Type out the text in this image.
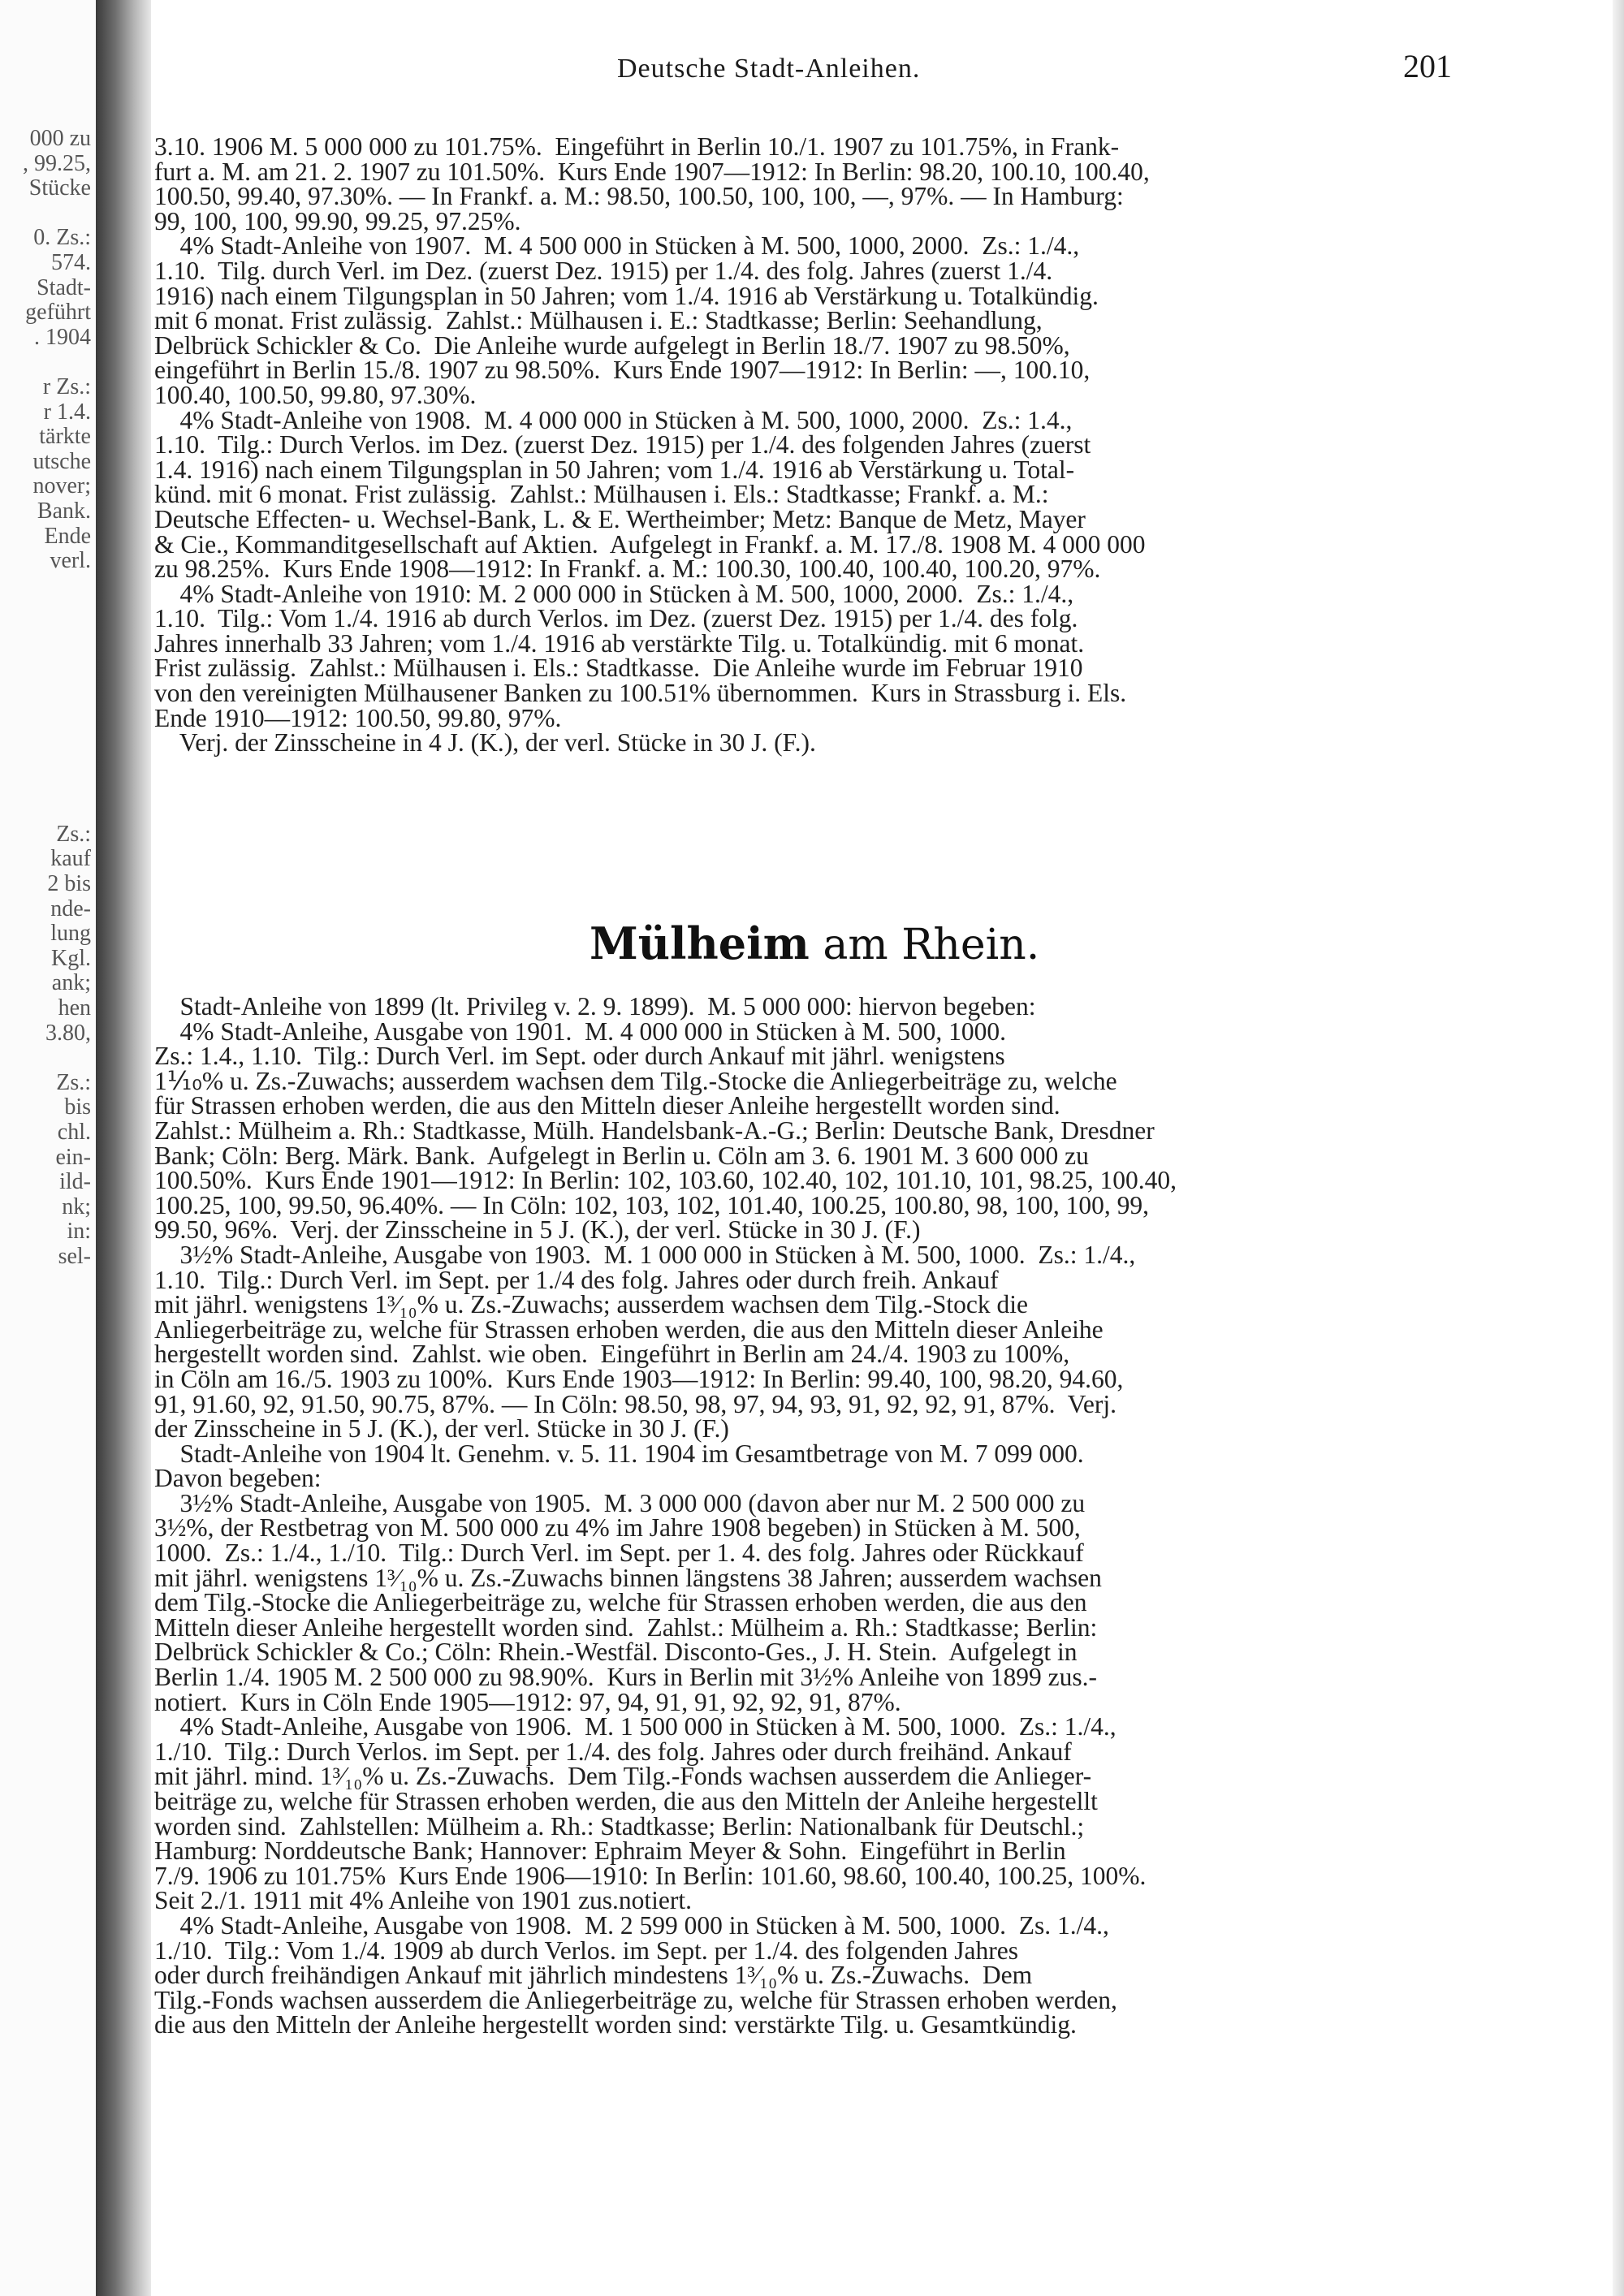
000 zu
, 99.25,
Stücke
0. Zs.:
574.
Stadt-
geführt
. 1904
r Zs.:
r 1.4.
tärkte
utsche
nover;
Bank.
Ende
verl.
Zs.:
kauf
2 bis
nde-
lung
Kgl.
ank;
hen
3.80,
Zs.:
bis
chl.
ein-
ild-
nk;
in:
sel-
Deutsche Stadt-Anleihen.	201
3.10. 1906 M. 5 000 000 zu 101.75%.  Eingeführt in Berlin 10./1. 1907 zu 101.75%, in Frank-
furt a. M. am 21. 2. 1907 zu 101.50%.  Kurs Ende 1907—1912: In Berlin: 98.20, 100.10, 100.40,
100.50, 99.40, 97.30%. — In Frankf. a. M.: 98.50, 100.50, 100, 100, —, 97%. — In Hamburg:
99, 100, 100, 99.90, 99.25, 97.25%.
4% Stadt-Anleihe von 1907.  M. 4 500 000 in Stücken à M. 500, 1000, 2000.  Zs.: 1./4.,
1.10.  Tilg. durch Verl. im Dez. (zuerst Dez. 1915) per 1./4. des folg. Jahres (zuerst 1./4.
1916) nach einem Tilgungsplan in 50 Jahren; vom 1./4. 1916 ab Verstärkung u. Totalkündig.
mit 6 monat. Frist zulässig.  Zahlst.: Mülhausen i. E.: Stadtkasse; Berlin: Seehandlung,
Delbrück Schickler & Co.  Die Anleihe wurde aufgelegt in Berlin 18./7. 1907 zu 98.50%,
eingeführt in Berlin 15./8. 1907 zu 98.50%.  Kurs Ende 1907—1912: In Berlin: —, 100.10,
100.40, 100.50, 99.80, 97.30%.
4% Stadt-Anleihe von 1908.  M. 4 000 000 in Stücken à M. 500, 1000, 2000.  Zs.: 1.4.,
1.10.  Tilg.: Durch Verlos. im Dez. (zuerst Dez. 1915) per 1./4. des folgenden Jahres (zuerst
1.4. 1916) nach einem Tilgungsplan in 50 Jahren; vom 1./4. 1916 ab Verstärkung u. Total-
künd. mit 6 monat. Frist zulässig.  Zahlst.: Mülhausen i. Els.: Stadtkasse; Frankf. a. M.:
Deutsche Effecten- u. Wechsel-Bank, L. & E. Wertheimber; Metz: Banque de Metz, Mayer
& Cie., Kommanditgesellschaft auf Aktien.  Aufgelegt in Frankf. a. M. 17./8. 1908 M. 4 000 000
zu 98.25%.  Kurs Ende 1908—1912: In Frankf. a. M.: 100.30, 100.40, 100.40, 100.20, 97%.
4% Stadt-Anleihe von 1910: M. 2 000 000 in Stücken à M. 500, 1000, 2000.  Zs.: 1./4.,
1.10.  Tilg.: Vom 1./4. 1916 ab durch Verlos. im Dez. (zuerst Dez. 1915) per 1./4. des folg.
Jahres innerhalb 33 Jahren; vom 1./4. 1916 ab verstärkte Tilg. u. Totalkündig. mit 6 monat.
Frist zulässig.  Zahlst.: Mülhausen i. Els.: Stadtkasse.  Die Anleihe wurde im Februar 1910
von den vereinigten Mülhausener Banken zu 100.51% übernommen.  Kurs in Strassburg i. Els.
Ende 1910—1912: 100.50, 99.80, 97%.
Verj. der Zinsscheine in 4 J. (K.), der verl. Stücke in 30 J. (F.).
Mülheim am Rhein.
Stadt-Anleihe von 1899 (lt. Privileg v. 2. 9. 1899).  M. 5 000 000: hiervon begeben:
4% Stadt-Anleihe, Ausgabe von 1901.  M. 4 000 000 in Stücken à M. 500, 1000.
Zs.: 1.4., 1.10.  Tilg.: Durch Verl. im Sept. oder durch Ankauf mit jährl. wenigstens
1⅒% u. Zs.-Zuwachs; ausserdem wachsen dem Tilg.-Stocke die Anliegerbeiträge zu, welche
für Strassen erhoben werden, die aus den Mitteln dieser Anleihe hergestellt worden sind.
Zahlst.: Mülheim a. Rh.: Stadtkasse, Mülh. Handelsbank-A.-G.; Berlin: Deutsche Bank, Dresdner
Bank; Cöln: Berg. Märk. Bank.  Aufgelegt in Berlin u. Cöln am 3. 6. 1901 M. 3 600 000 zu
100.50%.  Kurs Ende 1901—1912: In Berlin: 102, 103.60, 102.40, 102, 101.10, 101, 98.25, 100.40,
100.25, 100, 99.50, 96.40%. — In Cöln: 102, 103, 102, 101.40, 100.25, 100.80, 98, 100, 100, 99,
99.50, 96%.  Verj. der Zinsscheine in 5 J. (K.), der verl. Stücke in 30 J. (F.)
3½% Stadt-Anleihe, Ausgabe von 1903.  M. 1 000 000 in Stücken à M. 500, 1000.  Zs.: 1./4.,
1.10.  Tilg.: Durch Verl. im Sept. per 1./4 des folg. Jahres oder durch freih. Ankauf
mit jährl. wenigstens 1³⁄₁₀% u. Zs.-Zuwachs; ausserdem wachsen dem Tilg.-Stock die
Anliegerbeiträge zu, welche für Strassen erhoben werden, die aus den Mitteln dieser Anleihe
hergestellt worden sind.  Zahlst. wie oben.  Eingeführt in Berlin am 24./4. 1903 zu 100%,
in Cöln am 16./5. 1903 zu 100%.  Kurs Ende 1903—1912: In Berlin: 99.40, 100, 98.20, 94.60,
91, 91.60, 92, 91.50, 90.75, 87%. — In Cöln: 98.50, 98, 97, 94, 93, 91, 92, 92, 91, 87%.  Verj.
der Zinsscheine in 5 J. (K.), der verl. Stücke in 30 J. (F.)
Stadt-Anleihe von 1904 lt. Genehm. v. 5. 11. 1904 im Gesamtbetrage von M. 7 099 000.
Davon begeben:
3½% Stadt-Anleihe, Ausgabe von 1905.  M. 3 000 000 (davon aber nur M. 2 500 000 zu
3½%, der Restbetrag von M. 500 000 zu 4% im Jahre 1908 begeben) in Stücken à M. 500,
1000.  Zs.: 1./4., 1./10.  Tilg.: Durch Verl. im Sept. per 1. 4. des folg. Jahres oder Rückkauf
mit jährl. wenigstens 1³⁄₁₀% u. Zs.-Zuwachs binnen längstens 38 Jahren; ausserdem wachsen
dem Tilg.-Stocke die Anliegerbeiträge zu, welche für Strassen erhoben werden, die aus den
Mitteln dieser Anleihe hergestellt worden sind.  Zahlst.: Mülheim a. Rh.: Stadtkasse; Berlin:
Delbrück Schickler & Co.; Cöln: Rhein.-Westfäl. Disconto-Ges., J. H. Stein.  Aufgelegt in
Berlin 1./4. 1905 M. 2 500 000 zu 98.90%.  Kurs in Berlin mit 3½% Anleihe von 1899 zus.-
notiert.  Kurs in Cöln Ende 1905—1912: 97, 94, 91, 91, 92, 92, 91, 87%.
4% Stadt-Anleihe, Ausgabe von 1906.  M. 1 500 000 in Stücken à M. 500, 1000.  Zs.: 1./4.,
1./10.  Tilg.: Durch Verlos. im Sept. per 1./4. des folg. Jahres oder durch freihänd. Ankauf
mit jährl. mind. 1³⁄₁₀% u. Zs.-Zuwachs.  Dem Tilg.-Fonds wachsen ausserdem die Anlieger-
beiträge zu, welche für Strassen erhoben werden, die aus den Mitteln der Anleihe hergestellt
worden sind.  Zahlstellen: Mülheim a. Rh.: Stadtkasse; Berlin: Nationalbank für Deutschl.;
Hamburg: Norddeutsche Bank; Hannover: Ephraim Meyer & Sohn.  Eingeführt in Berlin
7./9. 1906 zu 101.75%  Kurs Ende 1906—1910: In Berlin: 101.60, 98.60, 100.40, 100.25, 100%.
Seit 2./1. 1911 mit 4% Anleihe von 1901 zus.notiert.
4% Stadt-Anleihe, Ausgabe von 1908.  M. 2 599 000 in Stücken à M. 500, 1000.  Zs. 1./4.,
1./10.  Tilg.: Vom 1./4. 1909 ab durch Verlos. im Sept. per 1./4. des folgenden Jahres
oder durch freihändigen Ankauf mit jährlich mindestens 1³⁄₁₀% u. Zs.-Zuwachs.  Dem
Tilg.-Fonds wachsen ausserdem die Anliegerbeiträge zu, welche für Strassen erhoben werden,
die aus den Mitteln der Anleihe hergestellt worden sind: verstärkte Tilg. u. Gesamtkündig.
